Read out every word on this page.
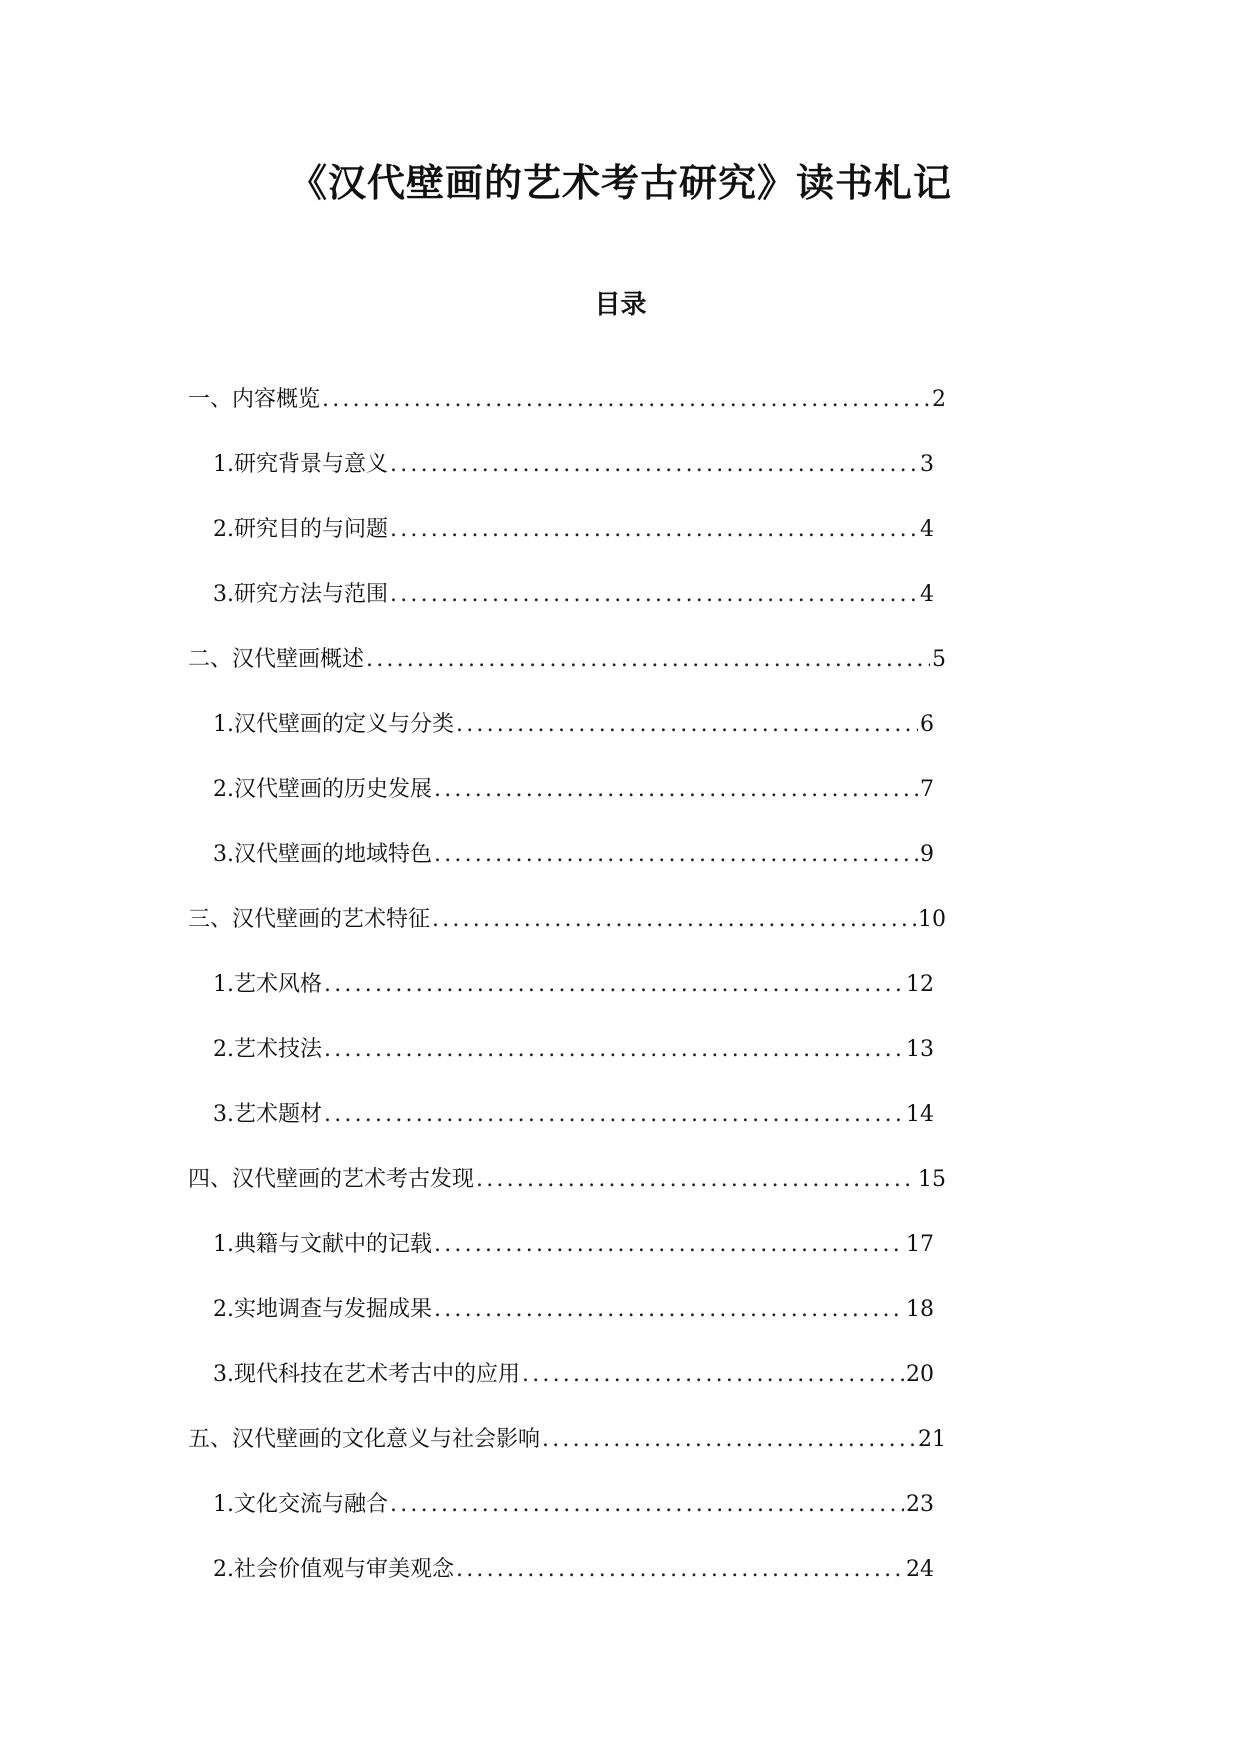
《汉代壁画的艺术考古研究》读书札记
目录
一、内容概览 .....	2
1. 研究背景与意义 .....	3
2. 研究目的与问题 .....	4
3. 研究方法与范围 .....	4
二、汉代壁画概述 .....	5
1. 汉代壁画的定义与分类 .....	6
2. 汉代壁画的历史发展 .....	7
3. 汉代壁画的地域特色 .....	9
三、汉代壁画的艺术特征 .....	10
1. 艺术风格 .....	12
2. 艺术技法 .....	13
3. 艺术题材 .....	14
四、汉代壁画的艺术考古发现 .....	15
1. 典籍与文献中的记载 .....	17
2. 实地调查与发掘成果 .....	18
3. 现代科技在艺术考古中的应用 .....	20
五、汉代壁画的文化意义与社会影响 .....	21
1. 文化交流与融合 .....	23
2. 社会价值观与审美观念 .....	24
